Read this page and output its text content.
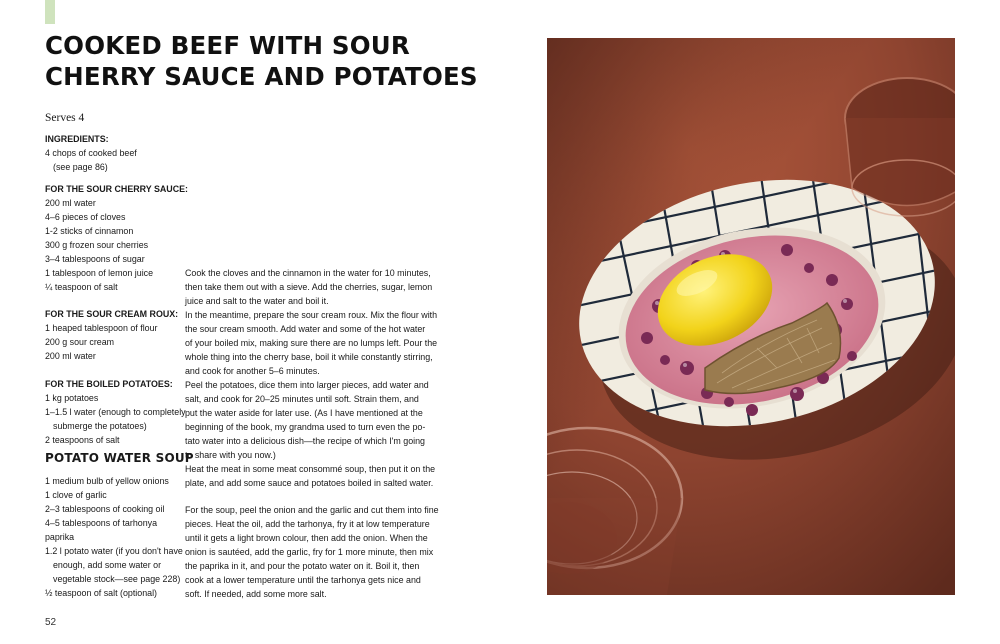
COOKED BEEF WITH SOUR
CHERRY SAUCE AND POTATOES
Serves 4
INGREDIENTS:
4 chops of cooked beef
(see page 86)
FOR THE SOUR CHERRY SAUCE:
200 ml water
4–6 pieces of cloves
1-2 sticks of cinnamon
300 g frozen sour cherries
3–4 tablespoons of sugar
1 tablespoon of lemon juice
¼ teaspoon of salt
FOR THE SOUR CREAM ROUX:
1 heaped tablespoon of flour
200 g sour cream
200 ml water
FOR THE BOILED POTATOES:
1 kg potatoes
1–1.5 l water (enough to completely
submerge the potatoes)
2 teaspoons of salt
POTATO WATER SOUP
1 medium bulb of yellow onions
1 clove of garlic
2–3 tablespoons of cooking oil
4–5 tablespoons of tarhonya
paprika
1.2 l potato water (if you don't have
enough, add some water or
vegetable stock—see page 228)
½ teaspoon of salt (optional)
Cook the cloves and the cinnamon in the water for 10 minutes,
then take them out with a sieve. Add the cherries, sugar, lemon
juice and salt to the water and boil it.
In the meantime, prepare the sour cream roux. Mix the flour with
the sour cream smooth. Add water and some of the hot water
of your boiled mix, making sure there are no lumps left. Pour the
whole thing into the cherry base, boil it while constantly stirring,
and cook for another 5–6 minutes.
Peel the potatoes, dice them into larger pieces, add water and
salt, and cook for 20–25 minutes until soft. Strain them, and
put the water aside for later use. (As I have mentioned at the
beginning of the book, my grandma used to turn even the po-
tato water into a delicious dish—the recipe of which I'm going
to share with you now.)
Heat the meat in some meat consommé soup, then put it on the
plate, and add some sauce and potatoes boiled in salted water.
For the soup, peel the onion and the garlic and cut them into fine
pieces. Heat the oil, add the tarhonya, fry it at low temperature
until it gets a light brown colour, then add the onion. When the
onion is sautéed, add the garlic, fry for 1 more minute, then mix
the paprika in it, and pour the potato water on it. Boil it, then
cook at a lower temperature until the tarhonya gets nice and
soft. If needed, add some more salt.
52
